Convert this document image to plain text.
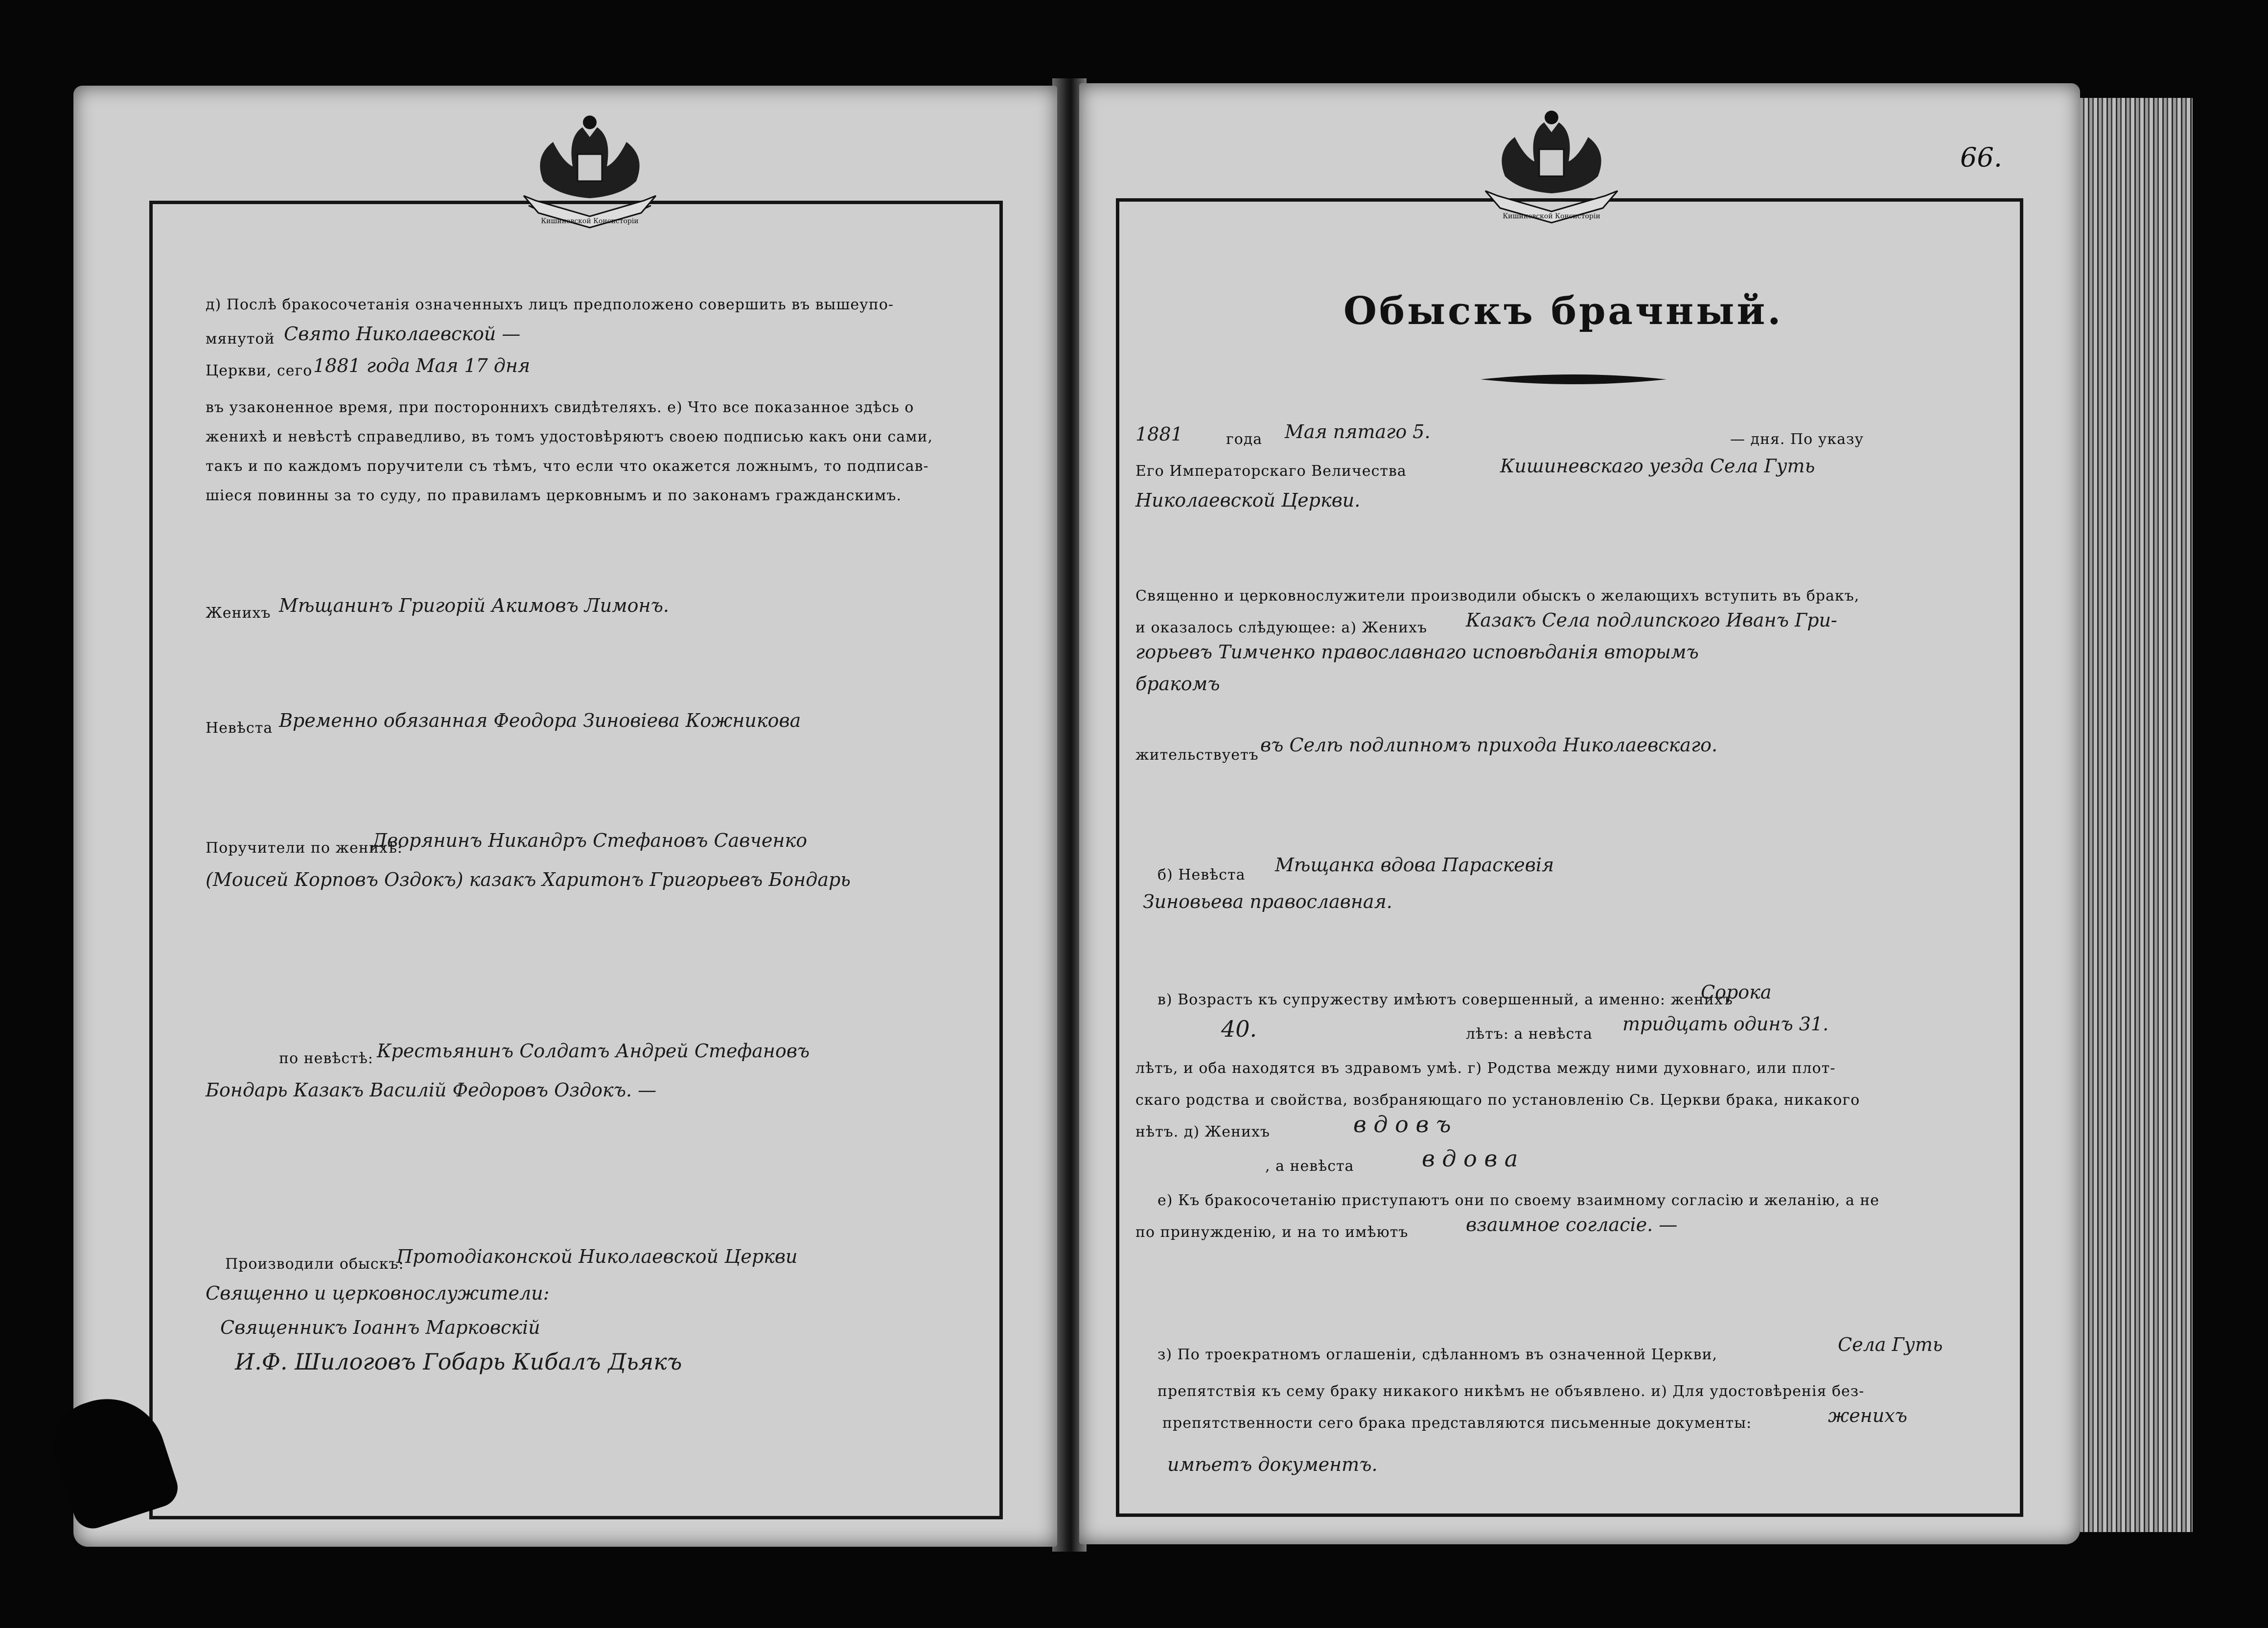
Кишиневской Консисторіи
д) Послѣ бракосочетанія означенныхъ лицъ предположено совершить въ вышеупо-
мянутой Свято Николаевской —
Церкви, сего 1881 года Мая 17 дня
въ узаконенное время, при постороннихъ свидѣтеляхъ. е) Что все показанное здѣсь о
женихѣ и невѣстѣ справедливо, въ томъ удостовѣряютъ своею подписью какъ они сами,
такъ и по каждомъ поручители съ тѣмъ, что если что окажется ложнымъ, то подписав-
шіеся повинны за то суду, по правиламъ церковнымъ и по законамъ гражданскимъ.
Женихъ Мѣщанинъ Григорій Акимовъ Лимонъ.
Невѣста Временно обязанная Феодора Зиновіева Кожникова
Поручители по женихѣ:
Дворянинъ Никандръ Стефановъ Савченко
(Моисей Корповъ Оздокъ) казакъ Харитонъ Григорьевъ Бондарь
по невѣстѣ: Крестьянинъ Солдатъ Андрей Стефановъ
Бондарь Казакъ Василій Федоровъ Оздокъ. —
Производили обыскъ:
Протодіаконской Николаевской Церкви
Священно и церковнослужители:
Священникъ Іоаннъ Марковскій
И.Ф. Шилоговъ Гобарь Кибалъ Дьякъ
Кишиневской Консисторіи
66.
Обыскъ брачный.
1881	года Мая пятаго 5.	— дня. По указу
Его Императорскаго Величества	Кишиневскаго уезда Села Гуть
Николаевской Церкви.
Священно и церковнослужители производили обыскъ о желающихъ вступить въ бракъ,
и оказалось слѣдующее: а) Женихъ Казакъ Села подлипского Иванъ Гри-
горьевъ Тимченко православнаго исповѣданія вторымъ
бракомъ
жительствуетъ въ Селѣ подлипномъ прихода Николаевскаго.
б) Невѣста Мѣщанка вдова Параскевія
Зиновьева православная.
в) Возрастъ къ супружеству имѣютъ совершенный, а именно: женихъ
Сорока
40.	лѣтъ: а невѣста тридцать одинъ 31.
лѣтъ, и оба находятся въ здравомъ умѣ. г) Родства между ними духовнаго, или плот-
скаго родства и свойства, возбраняющаго по установленію Св. Церкви брака, никакого
нѣтъ. д) Женихъ	в д о в ъ
, а невѣста	в д о в а
е) Къ бракосочетанію приступаютъ они по своему взаимному согласію и желанію, а не
по принужденію, и на то имѣютъ	взаимное согласіе. —
з) По троекратномъ оглашеніи, сдѣланномъ въ означенной Церкви,	Села Гуть
препятствія къ сему браку никакого никѣмъ не объявлено. и) Для удостовѣренія без-
препятственности сего брака представляются письменные документы:	женихъ
имѣетъ документъ.
